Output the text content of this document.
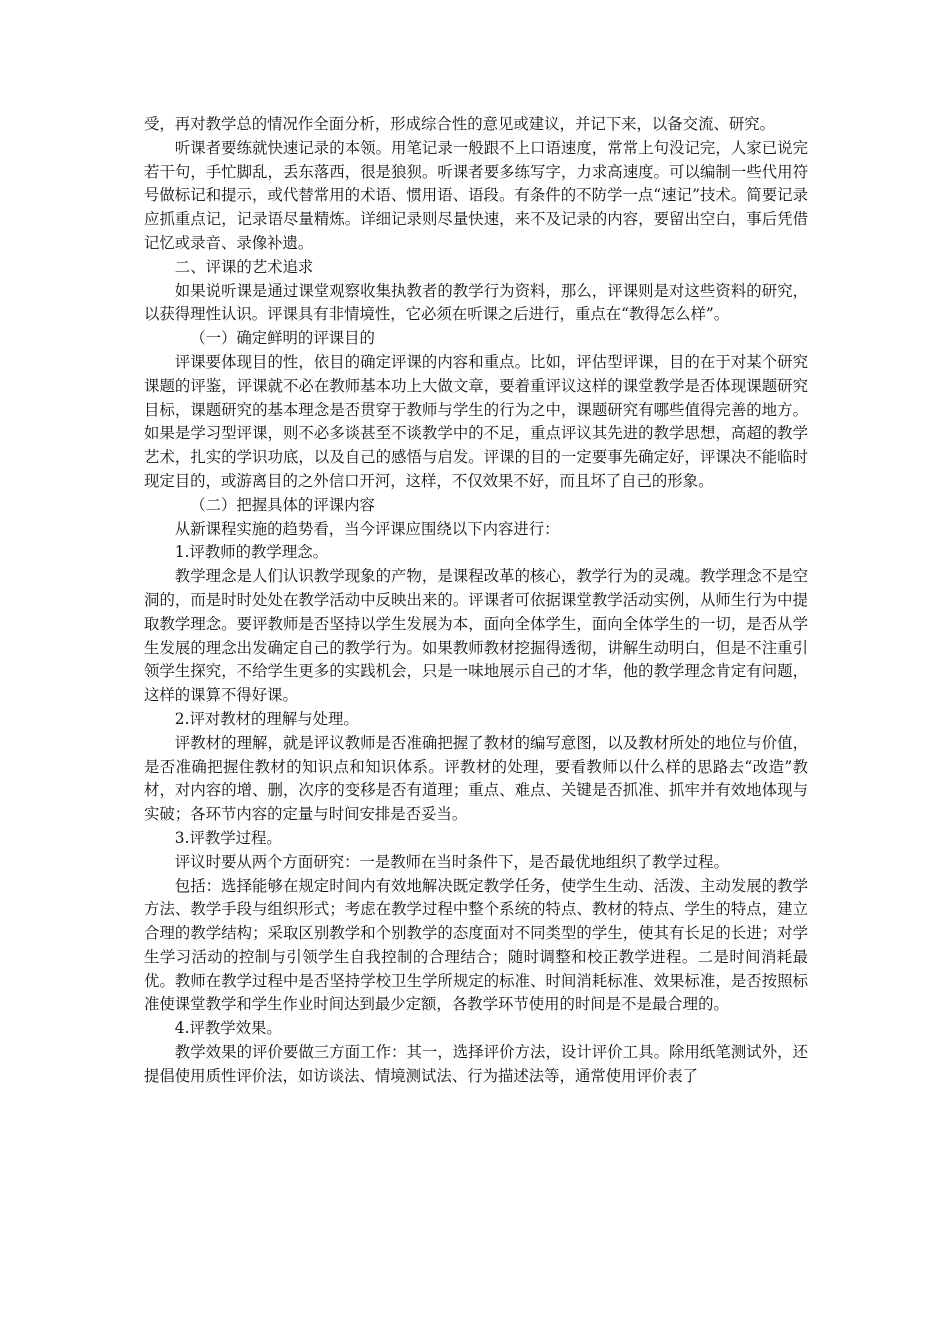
受，再对教学总的情况作全面分析，形成综合性的意见或建议，并记下来，以备交流、研究。

听课者要练就快速记录的本领。用笔记录一般跟不上口语速度，常常上句没记完，人家已说完若干句，手忙脚乱，丢东落西，很是狼狈。听课者要多练写字，力求高速度。可以编制一些代用符号做标记和提示，或代替常用的术语、惯用语、语段。有条件的不防学一点“速记”技术。简要记录应抓重点记，记录语尽量精炼。详细记录则尽量快速，来不及记录的内容，要留出空白，事后凭借记忆或录音、录像补遗。

二、评课的艺术追求

如果说听课是通过课堂观察收集执教者的教学行为资料，那么，评课则是对这些资料的研究，以获得理性认识。评课具有非情境性，它必须在听课之后进行，重点在“教得怎么样”。

（一）确定鲜明的评课目的

评课要体现目的性，依目的确定评课的内容和重点。比如，评估型评课，目的在于对某个研究课题的评鉴，评课就不必在教师基本功上大做文章，要着重评议这样的课堂教学是否体现课题研究目标，课题研究的基本理念是否贯穿于教师与学生的行为之中，课题研究有哪些值得完善的地方。如果是学习型评课，则不必多谈甚至不谈教学中的不足，重点评议其先进的教学思想，高超的教学艺术，扎实的学识功底，以及自己的感悟与启发。评课的目的一定要事先确定好，评课决不能临时现定目的，或游离目的之外信口开河，这样，不仅效果不好，而且坏了自己的形象。

（二）把握具体的评课内容

从新课程实施的趋势看，当今评课应围绕以下内容进行：

1.评教师的教学理念。

教学理念是人们认识教学现象的产物，是课程改革的核心，教学行为的灵魂。教学理念不是空洞的，而是时时处处在教学活动中反映出来的。评课者可依据课堂教学活动实例，从师生行为中提取教学理念。要评教师是否坚持以学生发展为本，面向全体学生，面向全体学生的一切，是否从学生发展的理念出发确定自己的教学行为。如果教师教材挖掘得透彻，讲解生动明白，但是不注重引领学生探究，不给学生更多的实践机会，只是一味地展示自己的才华，他的教学理念肯定有问题，这样的课算不得好课。

2.评对教材的理解与处理。

评教材的理解，就是评议教师是否准确把握了教材的编写意图，以及教材所处的地位与价值，是否准确把握住教材的知识点和知识体系。评教材的处理，要看教师以什么样的思路去“改造”教材，对内容的增、删，次序的变移是否有道理；重点、难点、关键是否抓准、抓牢并有效地体现与实破；各环节内容的定量与时间安排是否妥当。

3.评教学过程。

评议时要从两个方面研究：一是教师在当时条件下，是否最优地组织了教学过程。

包括：选择能够在规定时间内有效地解决既定教学任务，使学生生动、活泼、主动发展的教学方法、教学手段与组织形式；考虑在教学过程中整个系统的特点、教材的特点、学生的特点，建立合理的教学结构；采取区别教学和个别教学的态度面对不同类型的学生，使其有长足的长进；对学生学习活动的控制与引领学生自我控制的合理结合；随时调整和校正教学进程。二是时间消耗最优。教师在教学过程中是否坚持学校卫生学所规定的标准、时间消耗标准、效果标准，是否按照标准使课堂教学和学生作业时间达到最少定额，各教学环节使用的时间是不是最合理的。

4.评教学效果。

教学效果的评价要做三方面工作：其一，选择评价方法，设计评价工具。除用纸笔测试外，还提倡使用质性评价法，如访谈法、情境测试法、行为描述法等，通常使用评价表了
